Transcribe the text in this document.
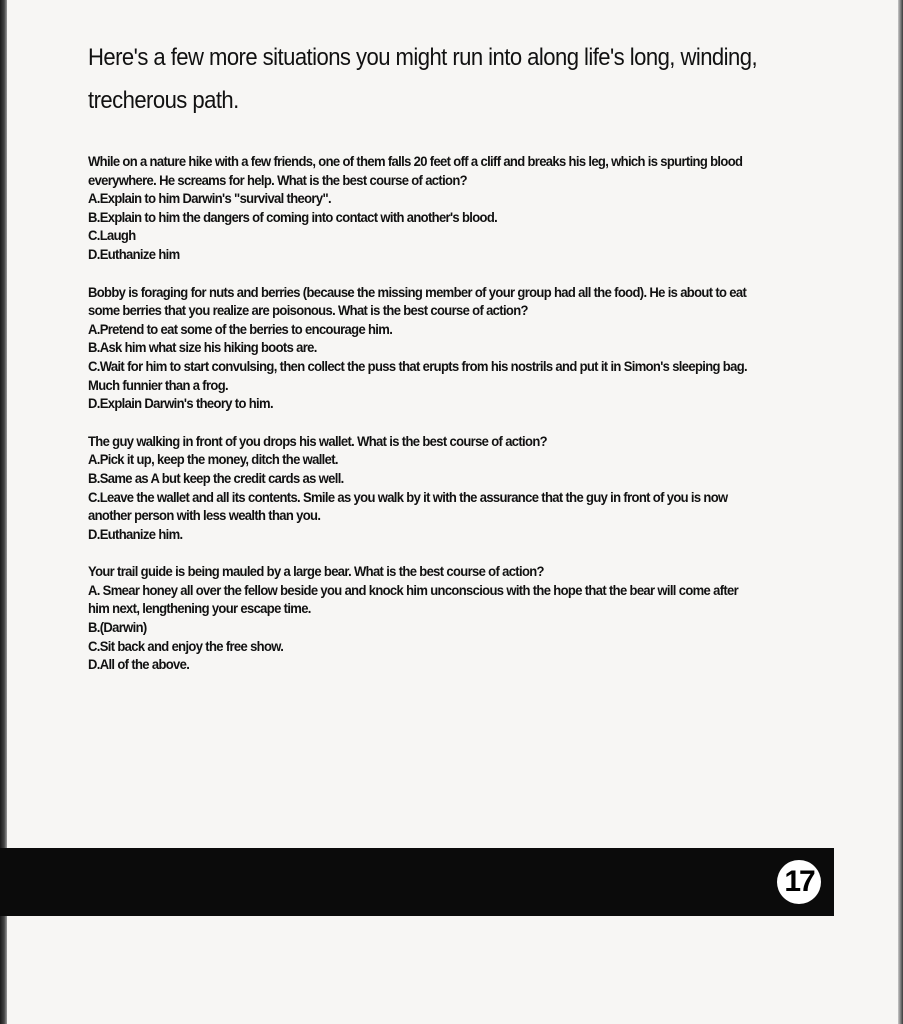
Here's a few more situations you might run into along life's long, winding, trecherous path.

While on a nature hike with a few friends, one of them falls 20 feet off a cliff and breaks his leg, which is spurting blood everywhere. He screams for help. What is the best course of action?

A.Explain to him Darwin's "survival theory".

B.Explain to him the dangers of coming into contact with another's blood.

C.Laugh

D.Euthanize him

Bobby is foraging for nuts and berries (because the missing member of your group had all the food). He is about to eat some berries that you realize are poisonous. What is the best course of action?

A.Pretend to eat some of the berries to encourage him.

B.Ask him what size his hiking boots are.

C.Wait for him to start convulsing, then collect the puss that erupts from his nostrils and put it in Simon's sleeping bag. Much funnier than a frog.

D.Explain Darwin's theory to him.

The guy walking in front of you drops his wallet. What is the best course of action?

A.Pick it up, keep the money, ditch the wallet.

B.Same as A but keep the credit cards as well.

C.Leave the wallet and all its contents. Smile as you walk by it with the assurance that the guy in front of you is now another person with less wealth than you.

D.Euthanize him.

Your trail guide is being mauled by a large bear. What is the best course of action?

A. Smear honey all over the fellow beside you and knock him unconscious with the hope that the bear will come after him next, lengthening your escape time.

B.(Darwin)

C.Sit back and enjoy the free show.

D.All of the above.

17
